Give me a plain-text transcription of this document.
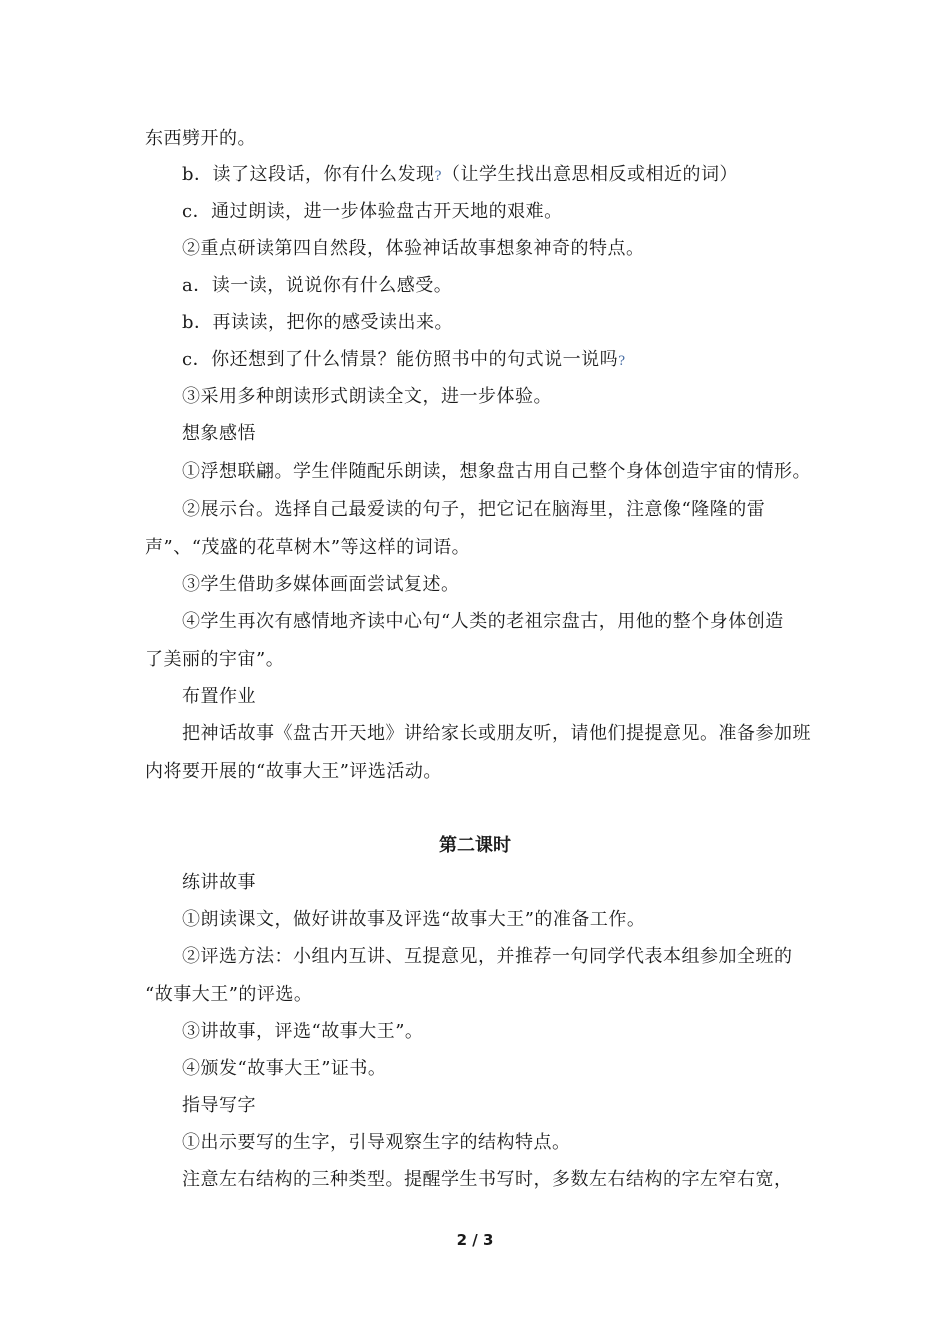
东西劈开的。
b．读了这段话，你有什么发现?（让学生找出意思相反或相近的词）
c．通过朗读，进一步体验盘古开天地的艰难。
②重点研读第四自然段，体验神话故事想象神奇的特点。
a．读一读，说说你有什么感受。
b．再读读，把你的感受读出来。
c．你还想到了什么情景？能仿照书中的句式说一说吗?
③采用多种朗读形式朗读全文，进一步体验。
想象感悟
①浮想联翩。学生伴随配乐朗读，想象盘古用自己整个身体创造宇宙的情形。
②展示台。选择自己最爱读的句子，把它记在脑海里，注意像“隆隆的雷
声”、“茂盛的花草树木”等这样的词语。
③学生借助多媒体画面尝试复述。
④学生再次有感情地齐读中心句“人类的老祖宗盘古，用他的整个身体创造
了美丽的宇宙”。
布置作业
把神话故事《盘古开天地》讲给家长或朋友听，请他们提提意见。准备参加班
内将要开展的“故事大王”评选活动。
第二课时
练讲故事
①朗读课文，做好讲故事及评选“故事大王”的准备工作。
②评选方法：小组内互讲、互提意见，并推荐一句同学代表本组参加全班的
“故事大王”的评选。
③讲故事，评选“故事大王”。
④颁发“故事大王”证书。
指导写字
①出示要写的生字，引导观察生字的结构特点。
注意左右结构的三种类型。提醒学生书写时，多数左右结构的字左窄右宽，
2 / 3
